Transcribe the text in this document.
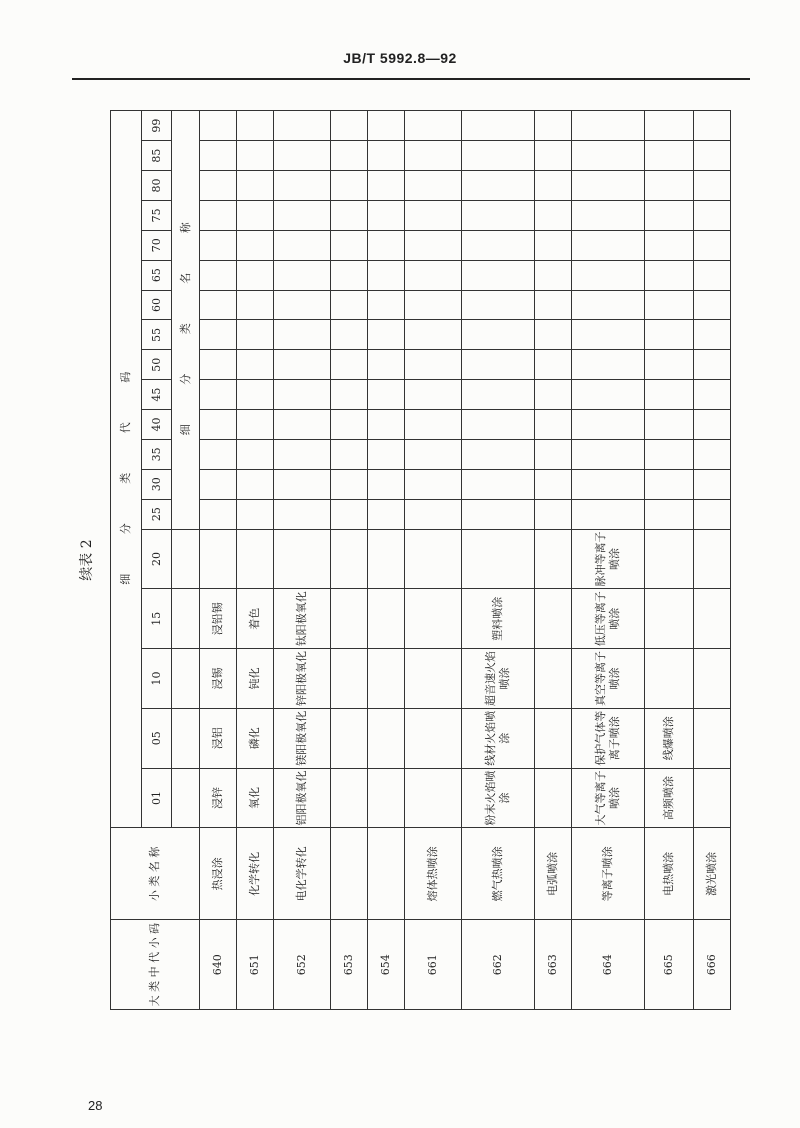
JB/T 5992.8—92
续表 2
大 类 中 代 小 码	小 类 名 称	细 分 类 代 码																		
		01	05	10	15	20	25	30	35	40	45	50	55	60	65	70	75	80	85	99
							细 分 类 名 称													
640	热浸涂	浸锌	浸铝	浸锡	浸铅锡															
651	化学转化	氧化	磷化	钝化	着色															
652	电化学转化	铝阳极氧化	镁阳极氧化	锌阳极氧化	钛阳极氧化															
653																				
654																				
661	熔体热喷涂																			
662	燃气热喷涂	粉末火焰喷涂	线材火焰喷涂	超音速火焰喷涂	塑料喷涂															
663	电弧喷涂																			
664	等离子喷涂	大气等离子喷涂	保护气体等离子喷涂	真空等离子喷涂	低压等离子喷涂	脉冲等离子喷涂														
665	电热喷涂	高频喷涂	线爆喷涂																	
666	激光喷涂																			
28
